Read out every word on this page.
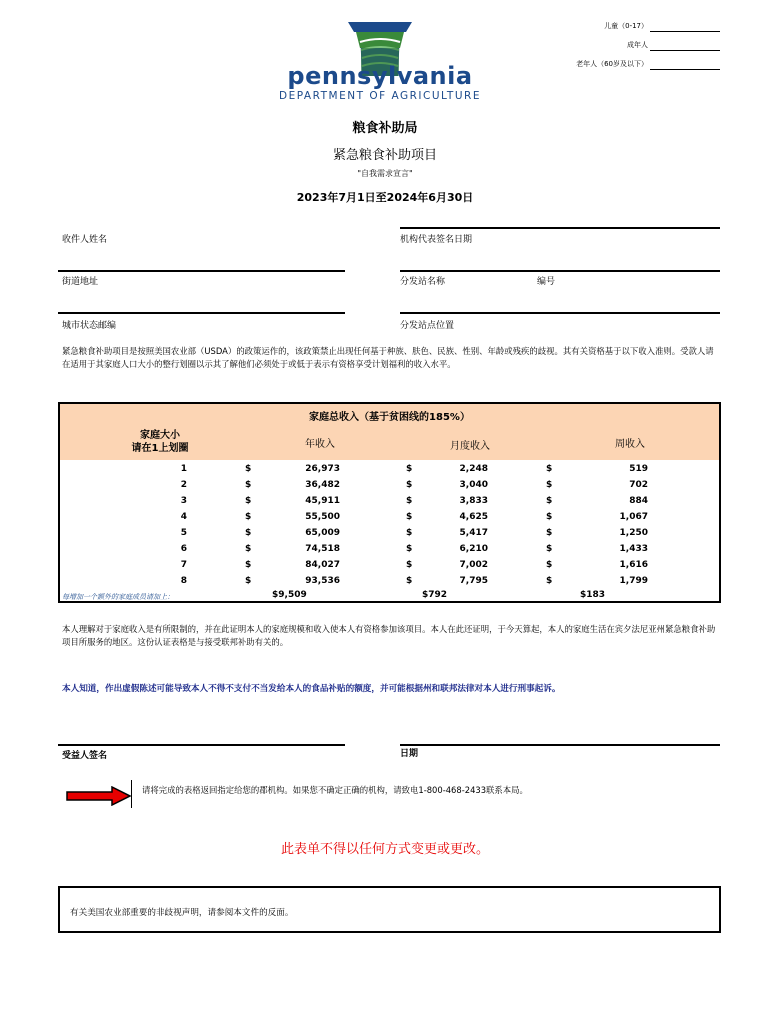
pennsylvania
DEPARTMENT OF AGRICULTURE
儿童（0-17）
成年人
老年人（60岁及以下）
粮食补助局
紧急粮食补助项目
"自我需求宣言"
2023年7月1日至2024年6月30日
收件人姓名	机构代表签名日期
街道地址	分发站名称	编号
城市状态邮编	分发站点位置
紧急粮食补助项目是按照美国农业部（USDA）的政策运作的，该政策禁止出现任何基于种族、肤色、民族、性别、年龄或残疾的歧视。其有关资格基于以下收入准则。受款人请在适用于其家庭人口大小的整行划圈以示其了解他们必须处于或低于表示有资格享受计划福利的收入水平。
家庭总收入（基于贫困线的185%）
家庭大小
请在1上划圈	年收入	月度收入	周收入
1	$	26,973	$	2,248	$	519
2	$	36,482	$	3,040	$	702
3	$	45,911	$	3,833	$	884
4	$	55,500	$	4,625	$	1,067
5	$	65,009	$	5,417	$	1,250
6	$	74,518	$	6,210	$	1,433
7	$	84,027	$	7,002	$	1,616
8	$	93,536	$	7,795	$	1,799
每增加一个额外的家庭成员请加上：	$9,509	$792	$183
本人理解对于家庭收入是有所限制的，并在此证明本人的家庭规模和收入使本人有资格参加该项目。本人在此还证明，于今天算起，本人的家庭生活在宾夕法尼亚州紧急粮食补助项目所服务的地区。这份认证表格是与接受联邦补助有关的。
本人知道，作出虚假陈述可能导致本人不得不支付不当发给本人的食品补贴的额度，并可能根据州和联邦法律对本人进行刑事起诉。
受益人签名	日期
请将完成的表格返回指定给您的郡机构。如果您不确定正确的机构，请致电1-800-468-2433联系本局。
此表单不得以任何方式变更或更改。
有关美国农业部重要的非歧视声明，请参阅本文件的反面。
